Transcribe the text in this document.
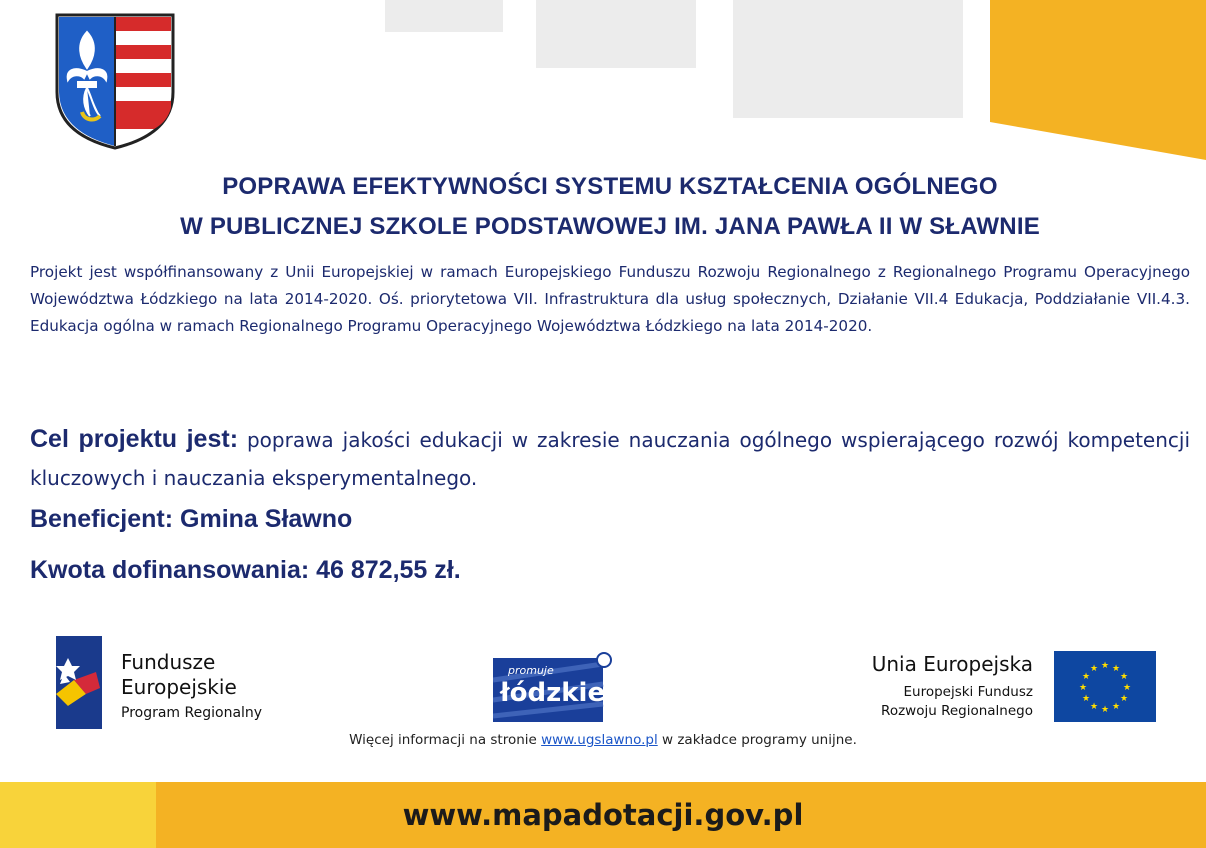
POPRAWA EFEKTYWNOŚCI SYSTEMU KSZTAŁCENIA OGÓLNEGO
W PUBLICZNEJ SZKOLE PODSTAWOWEJ IM. JANA PAWŁA II W SŁAWNIE
Projekt jest współfinansowany z Unii Europejskiej w ramach Europejskiego Funduszu Rozwoju Regionalnego z Regionalnego Programu Operacyjnego Województwa Łódzkiego na lata 2014-2020. Oś. priorytetowa VII. Infrastruktura dla usług społecznych, Działanie VII.4 Edukacja, Poddziałanie VII.4.3. Edukacja ogólna w ramach Regionalnego Programu Operacyjnego Województwa Łódzkiego na lata 2014-2020.
Cel projektu jest: poprawa jakości edukacji w zakresie nauczania ogólnego wspierającego rozwój kompetencji kluczowych i nauczania eksperymentalnego.
Beneficjent: Gmina Sławno
Kwota dofinansowania: 46 872,55 zł.
Fundusze
Europejskie
Program Regionalny
promuje
łódzkie
Unia Europejska
Europejski Fundusz
Rozwoju Regionalnego
★ ★
★
★
★
★
★
★
★
★
★
★
Więcej informacji na stronie www.ugslawno.pl w zakładce programy unijne.
www.mapadotacji.gov.pl
